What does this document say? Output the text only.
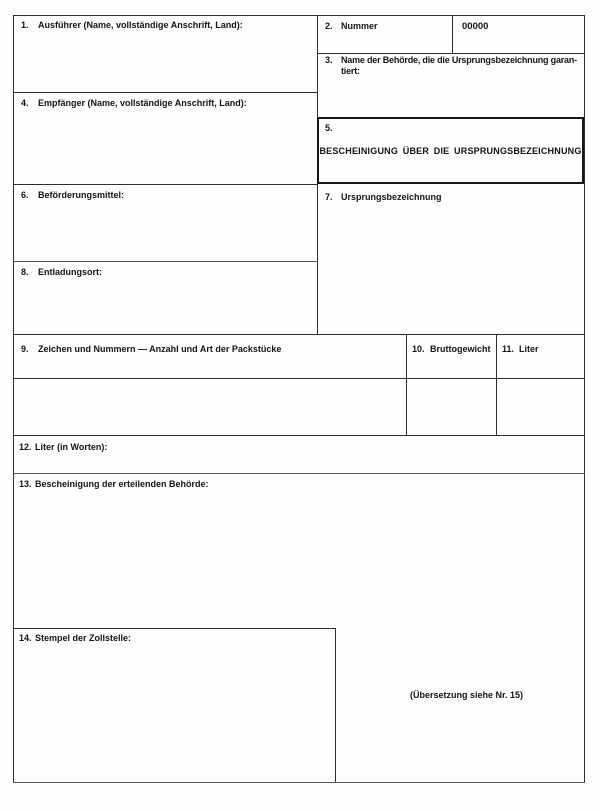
5.
BESCHEINIGUNG ÜBER DIE URSPRUNGSBEZEICHNUNG
1.	Ausführer (Name, vollständige Anschrift, Land):	2. Nummer	00000
3. Name der Behörde, die die Ursprungsbezeichnung garan-
tiert:
4.	Empfänger (Name, vollständige Anschrift, Land):
6.	Beförderungsmittel:	7. Ursprungsbezeichnung
8.	Entladungsort:
9.	Zeichen und Nummern — Anzahl und Art der Packstücke	10. Bruttogewicht 11. Liter
12. Liter (in Worten):
13. Bescheinigung der erteilenden Behörde:
14. Stempel der Zollstelle:
(Übersetzung siehe Nr. 15)
